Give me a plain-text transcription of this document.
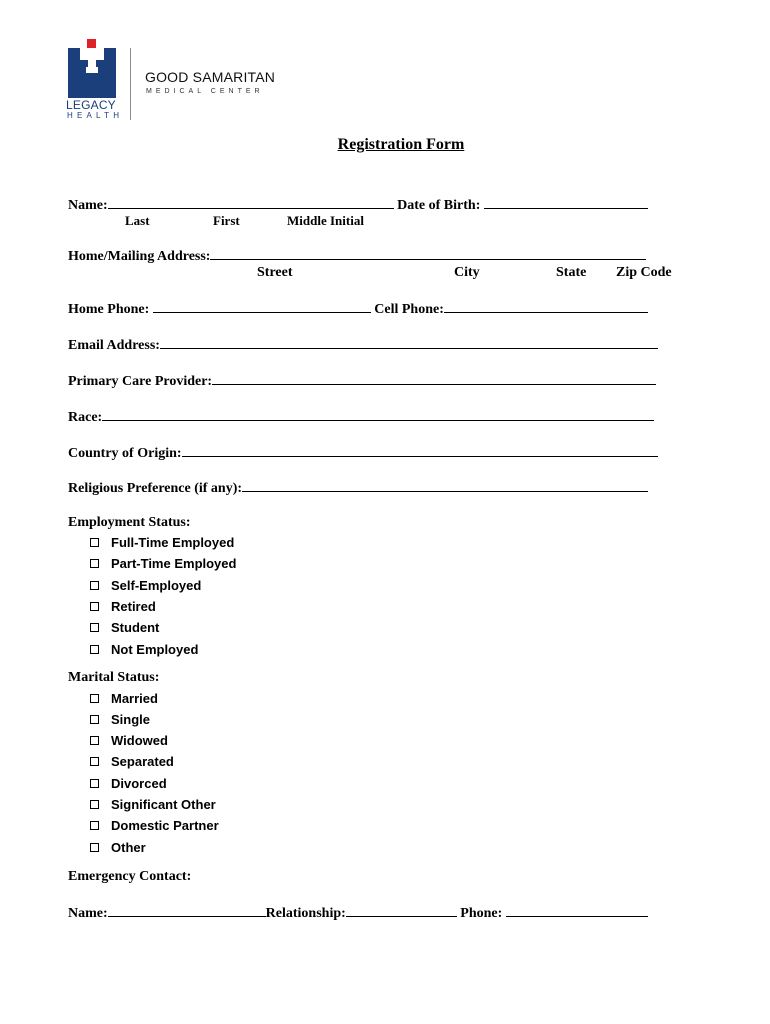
LEGACY
HEALTH
GOOD SAMARITAN
MEDICAL CENTER
Registration Form
Name:	Date of Birth:
Last	First	Middle Initial
Home/Mailing Address:
Street	City	State Zip Code
Home Phone:	Cell Phone:
Email Address:
Primary Care Provider:
Race:
Country of Origin:
Religious Preference (if any):
Employment Status:
Full-Time Employed
Part-Time Employed
Self-Employed
Retired
Student
Not Employed
Marital Status:
Married
Single
Widowed
Separated
Divorced
Significant Other
Domestic Partner
Other
Emergency Contact:
Name:	Relationship:	Phone:
